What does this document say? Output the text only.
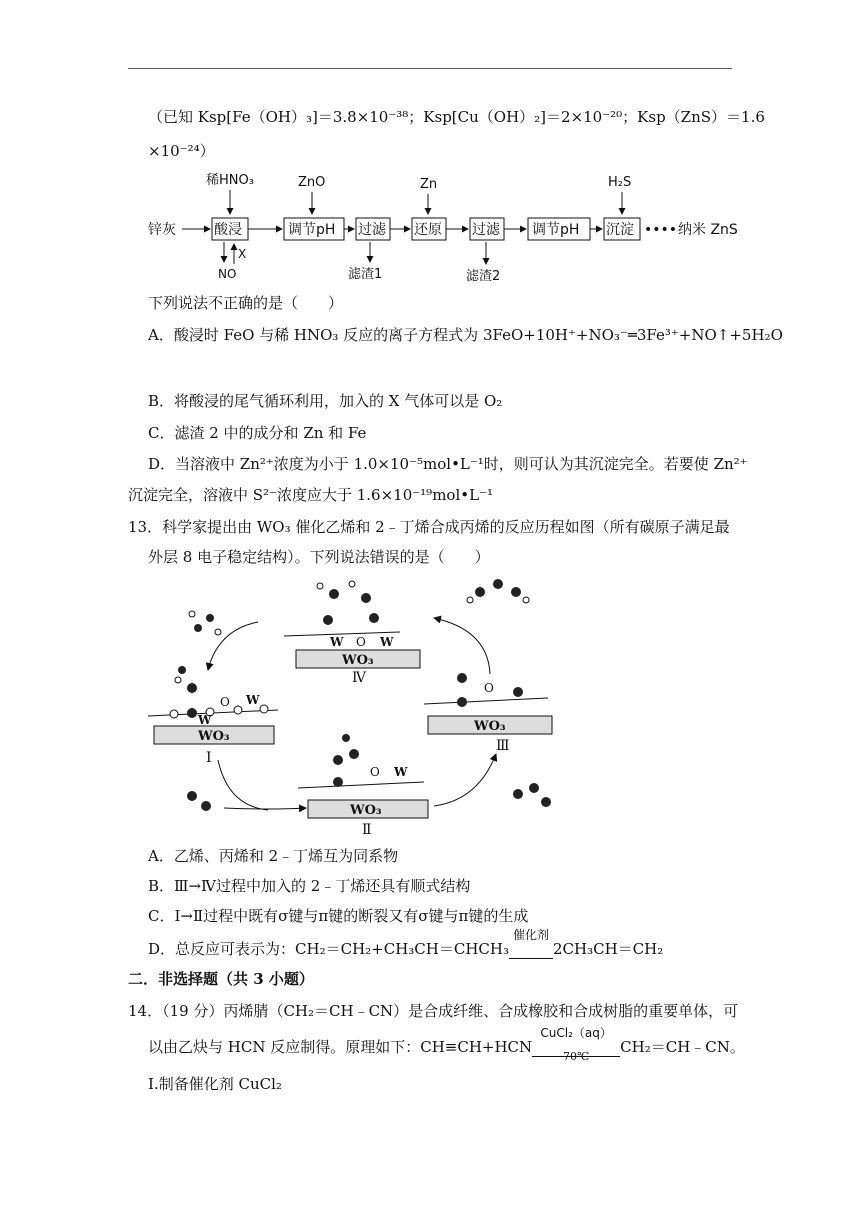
（已知 Ksp[Fe（OH）₃]＝3.8×10⁻³⁸；Ksp[Cu（OH）₂]＝2×10⁻²⁰；Ksp（ZnS）＝1.6
×10⁻²⁴）
锌灰	酸浸	调节pH 过滤 还原 过滤 调节pH 沉淀 •••• 纳米 ZnS
稀HNO₃	ZnO	Zn	H₂S
X
NO	滤渣1	滤渣2
下列说法不正确的是（　　）
A．酸浸时 FeO 与稀 HNO₃ 反应的离子方程式为 3FeO+10H⁺+NO₃⁻═3Fe³⁺+NO↑+5H₂O
B．将酸浸的尾气循环利用，加入的 X 气体可以是 O₂
C．滤渣 2 中的成分和 Zn 和 Fe
D．当溶液中 Zn²⁺浓度为小于 1.0×10⁻⁵mol•L⁻¹时，则可认为其沉淀完全。若要使 Zn²⁺
沉淀完全，溶液中 S²⁻浓度应大于 1.6×10⁻¹⁹mol•L⁻¹
13．科学家提出由 WO₃ 催化乙烯和 2﹣丁烯合成丙烯的反应历程如图（所有碳原子满足最
外层 8 电子稳定结构）。下列说法错误的是（　　）
WO₃
Ⅰ
W
O W
WO₃
Ⅳ
W O W
WO₃
Ⅲ
O
WO₃
Ⅱ
O W
A．乙烯、丙烯和 2﹣丁烯互为同系物
B．Ⅲ→Ⅳ过程中加入的 2﹣丁烯还具有顺式结构
C．Ⅰ→Ⅱ过程中既有σ键与π键的断裂又有σ键与π键的生成
D．总反应可表示为：CH₂＝CH₂+CH₃CH＝CHCH₃
催化剂
2CH₃CH＝CH₂
二．非选择题（共 3 小题）
14．（19 分）丙烯腈（CH₂＝CH﹣CN）是合成纤维、合成橡胶和合成树脂的重要单体，可
以由乙炔与 HCN 反应制得。原理如下：CH≡CH+HCN
CuCl₂（aq）
70℃
CH₂＝CH﹣CN。
Ⅰ.制备催化剂 CuCl₂
